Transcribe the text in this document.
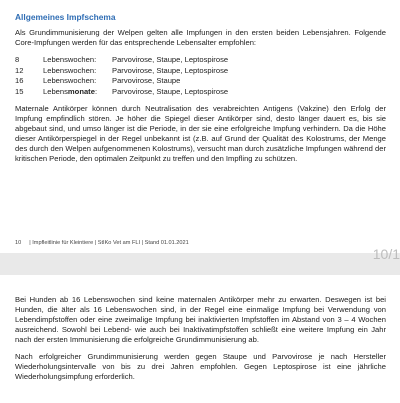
Allgemeines Impfschema

Als Grundimmunisierung der Welpen gelten alle Impfungen in den ersten beiden Lebensjahren. Folgende Core-Impfungen werden für das entsprechende Lebensalter empfohlen:

8	Lebenswochen:	Parvovirose, Staupe, Leptospirose
12	Lebenswochen:	Parvovirose, Staupe, Leptospirose
16	Lebenswochen:	Parvovirose, Staupe
15	Lebensmonate:	Parvovirose, Staupe, Leptospirose

Maternale Antikörper können durch Neutralisation des verabreichten Antigens (Vakzine) den Erfolg der Impfung empfindlich stören. Je höher die Spiegel dieser Antikörper sind, desto länger dauert es, bis sie abgebaut sind, und umso länger ist die Periode, in der sie eine erfolgreiche Impfung verhindern. Da die Höhe dieser Antikörperspiegel in der Regel unbekannt ist (z.B. auf Grund der Qualität des Kolostrums, der Menge des durch den Welpen aufgenommenen Kolostrums), versucht man durch zusätzliche Impfungen während der kritischen Periode, den optimalen Zeitpunkt zu treffen und den Impfling zu schützen.

10 | Impfleitlinie für Kleintiere | StIKo Vet am FLI | Stand 01.01.2021
10/1

Bei Hunden ab 16 Lebenswochen sind keine maternalen Antikörper mehr zu erwarten. Deswegen ist bei Hunden, die älter als 16 Lebenswochen sind, in der Regel eine einmalige Impfung bei Verwendung von Lebendimpfstoffen oder eine zweimalige Impfung bei inaktivierten Impfstoffen im Abstand von 3 – 4 Wochen ausreichend. Sowohl bei Lebend- wie auch bei Inaktivatimpfstoffen schließt eine weitere Impfung ein Jahr nach der ersten Immunisierung die erfolgreiche Grundimmunisierung ab.

Nach erfolgreicher Grundimmunisierung werden gegen Staupe und Parvovirose je nach Hersteller Wiederholungsintervalle von bis zu drei Jahren empfohlen. Gegen Leptospirose ist eine jährliche Wiederholungsimpfung erforderlich.
